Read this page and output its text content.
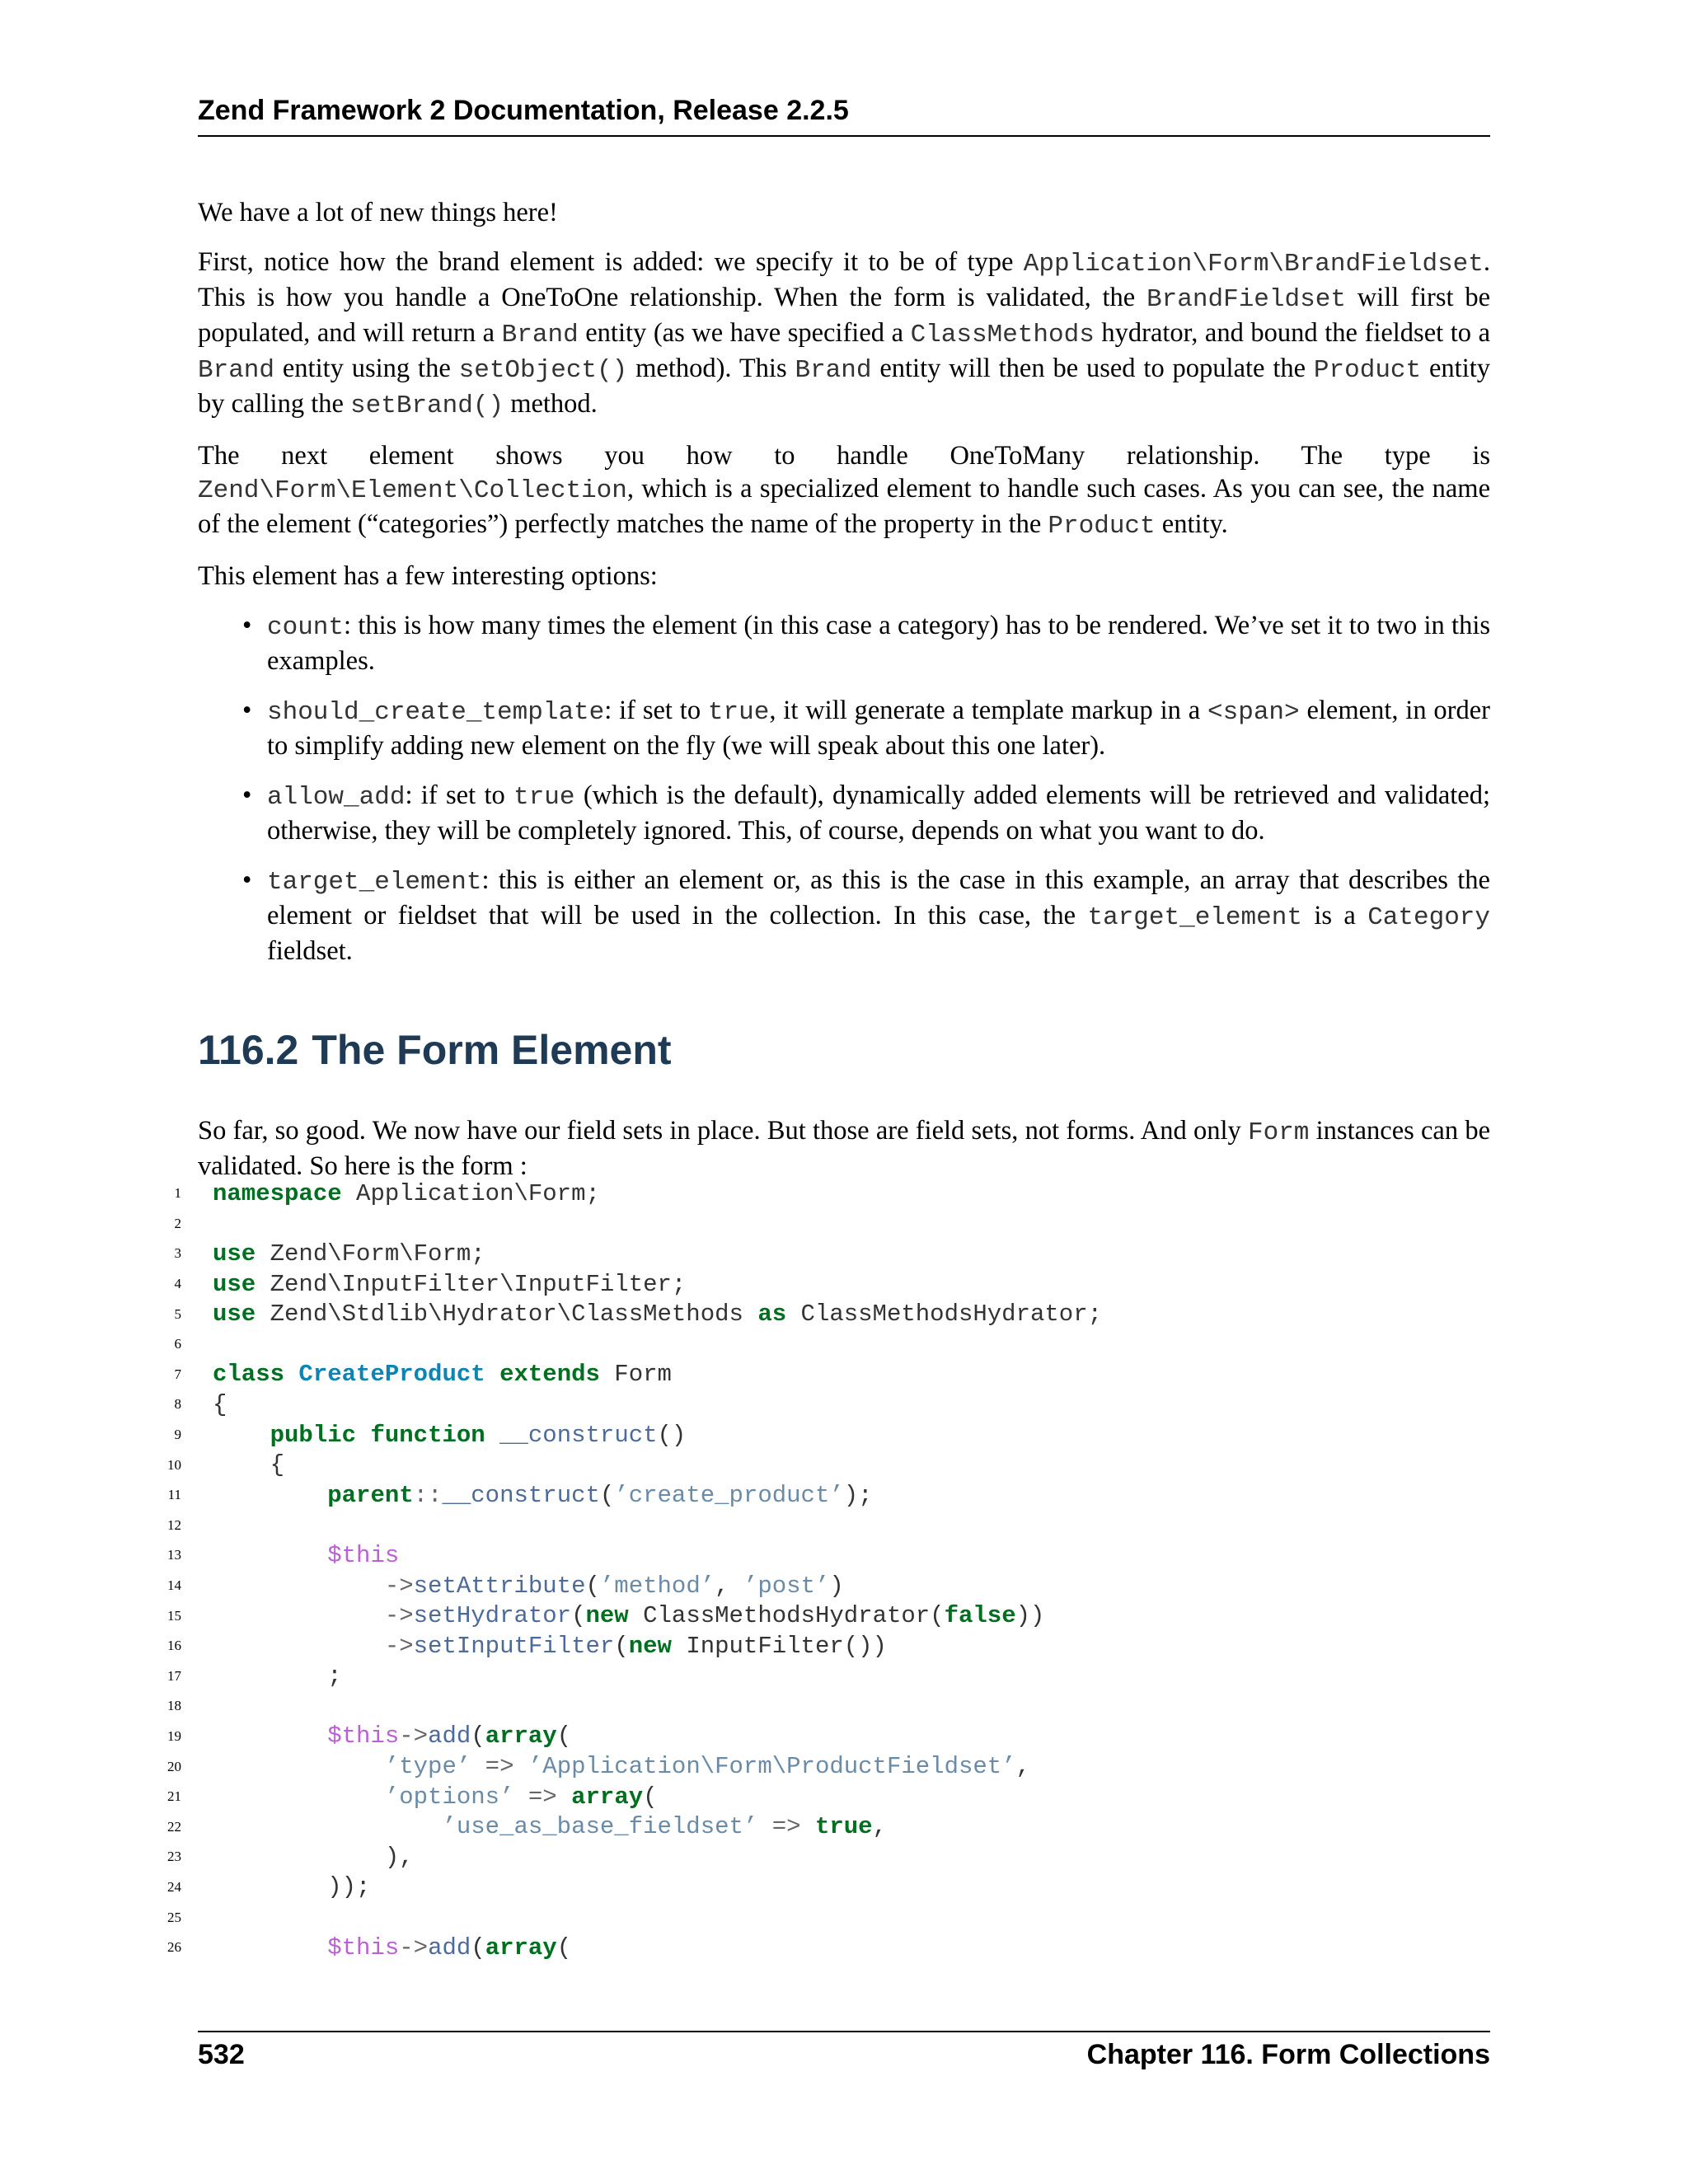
Zend Framework 2 Documentation, Release 2.2.5

We have a lot of new things here!

First, notice how the brand element is added: we specify it to be of type Application\Form\BrandFieldset. This is how you handle a OneToOne relationship. When the form is validated, the BrandFieldset will first be populated, and will return a Brand entity (as we have specified a ClassMethods hydrator, and bound the fieldset to a Brand entity using the setObject() method). This Brand entity will then be used to populate the Product entity by calling the setBrand() method.

The next element shows you how to handle OneToMany relationship. The type is Zend\Form\Element\Collection, which is a specialized element to handle such cases. As you can see, the name of the element (“categories”) perfectly matches the name of the property in the Product entity.

This element has a few interesting options:

• count: this is how many times the element (in this case a category) has to be rendered. We’ve set it to two in this examples.
• should_create_template: if set to true, it will generate a template markup in a <span> element, in order to simplify adding new element on the fly (we will speak about this one later).
• allow_add: if set to true (which is the default), dynamically added elements will be retrieved and validated; otherwise, they will be completely ignored. This, of course, depends on what you want to do.
• target_element: this is either an element or, as this is the case in this example, an array that describes the element or fieldset that will be used in the collection. In this case, the target_element is a Category fieldset.
116.2 The Form Element

So far, so good. We now have our field sets in place. But those are field sets, not forms. And only Form instances can be validated. So here is the form :

1 namespace Application\Form;
2
3 use Zend\Form\Form;
4 use Zend\InputFilter\InputFilter;
5 use Zend\Stdlib\Hydrator\ClassMethods as ClassMethodsHydrator;
6
7 class
CreateProduct
extends Form
8 {
9
	public
function
__construct ()
10 {
11
	parent :: __construct ( ’create_product’ );
12
13
	$this
14
	-> setAttribute ( ’method’ , ’post’ )
15
	-> setHydrator ( new ClassMethodsHydrator( false ))
16
	-> setInputFilter ( new InputFilter())
17 ;
18
19
	$this -> add ( array (
20
	’type’
=>
’Application\Form\ProductFieldset’ ,
21
	’options’
=>
array (
22
	’use_as_base_fieldset’
=>
true ,
23 ),
24 ));
25
26
	$this -> add ( array (
532	Chapter 116. Form Collections
